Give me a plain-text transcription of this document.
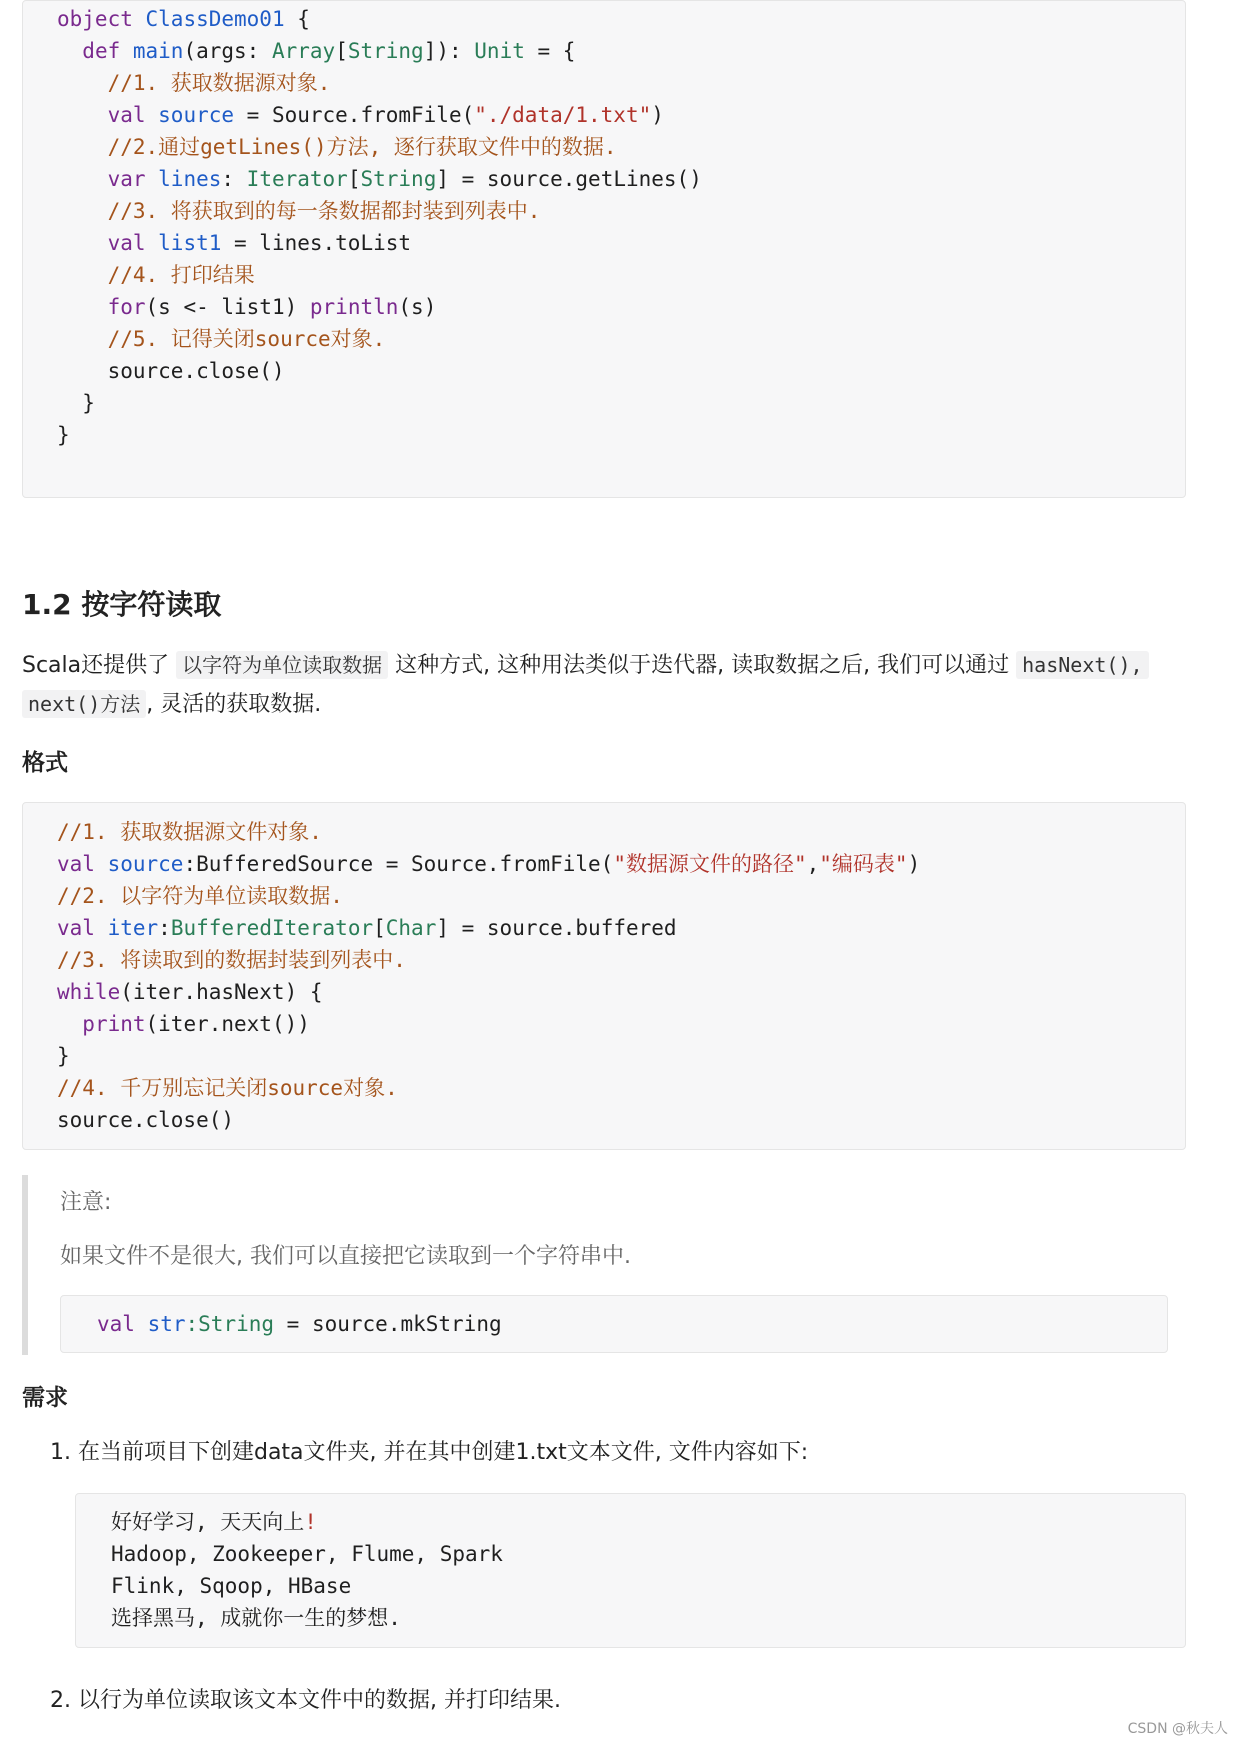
object ClassDemo01 {
def main(args: Array[String]): Unit = {
//1. 获取数据源对象.
val source = Source.fromFile("./data/1.txt")
//2.通过getLines()方法, 逐行获取文件中的数据.
var lines: Iterator[String] = source.getLines()
//3. 将获取到的每一条数据都封装到列表中.
val list1 = lines.toList
//4. 打印结果
for(s <- list1) println(s)
//5. 记得关闭source对象.
source.close()
}
}
1.2 按字符读取
Scala还提供了 以字符为单位读取数据 这种方式, 这种用法类似于迭代器, 读取数据之后, 我们可以通过 hasNext(),
next()方法 , 灵活的获取数据.
格式
//1. 获取数据源文件对象.
val source:BufferedSource = Source.fromFile("数据源文件的路径","编码表")
//2. 以字符为单位读取数据.
val iter:BufferedIterator[Char] = source.buffered
//3. 将读取到的数据封装到列表中.
while(iter.hasNext) {
print(iter.next())
}
//4. 千万别忘记关闭source对象.
source.close()
注意:
如果文件不是很大, 我们可以直接把它读取到一个字符串中.
val str:String = source.mkString
需求
1. 在当前项目下创建data文件夹, 并在其中创建1.txt文本文件, 文件内容如下:
好好学习, 天天向上!
Hadoop, Zookeeper, Flume, Spark
Flink, Sqoop, HBase
选择黑马, 成就你一生的梦想.
2. 以行为单位读取该文本文件中的数据, 并打印结果.
CSDN @秋夫人
